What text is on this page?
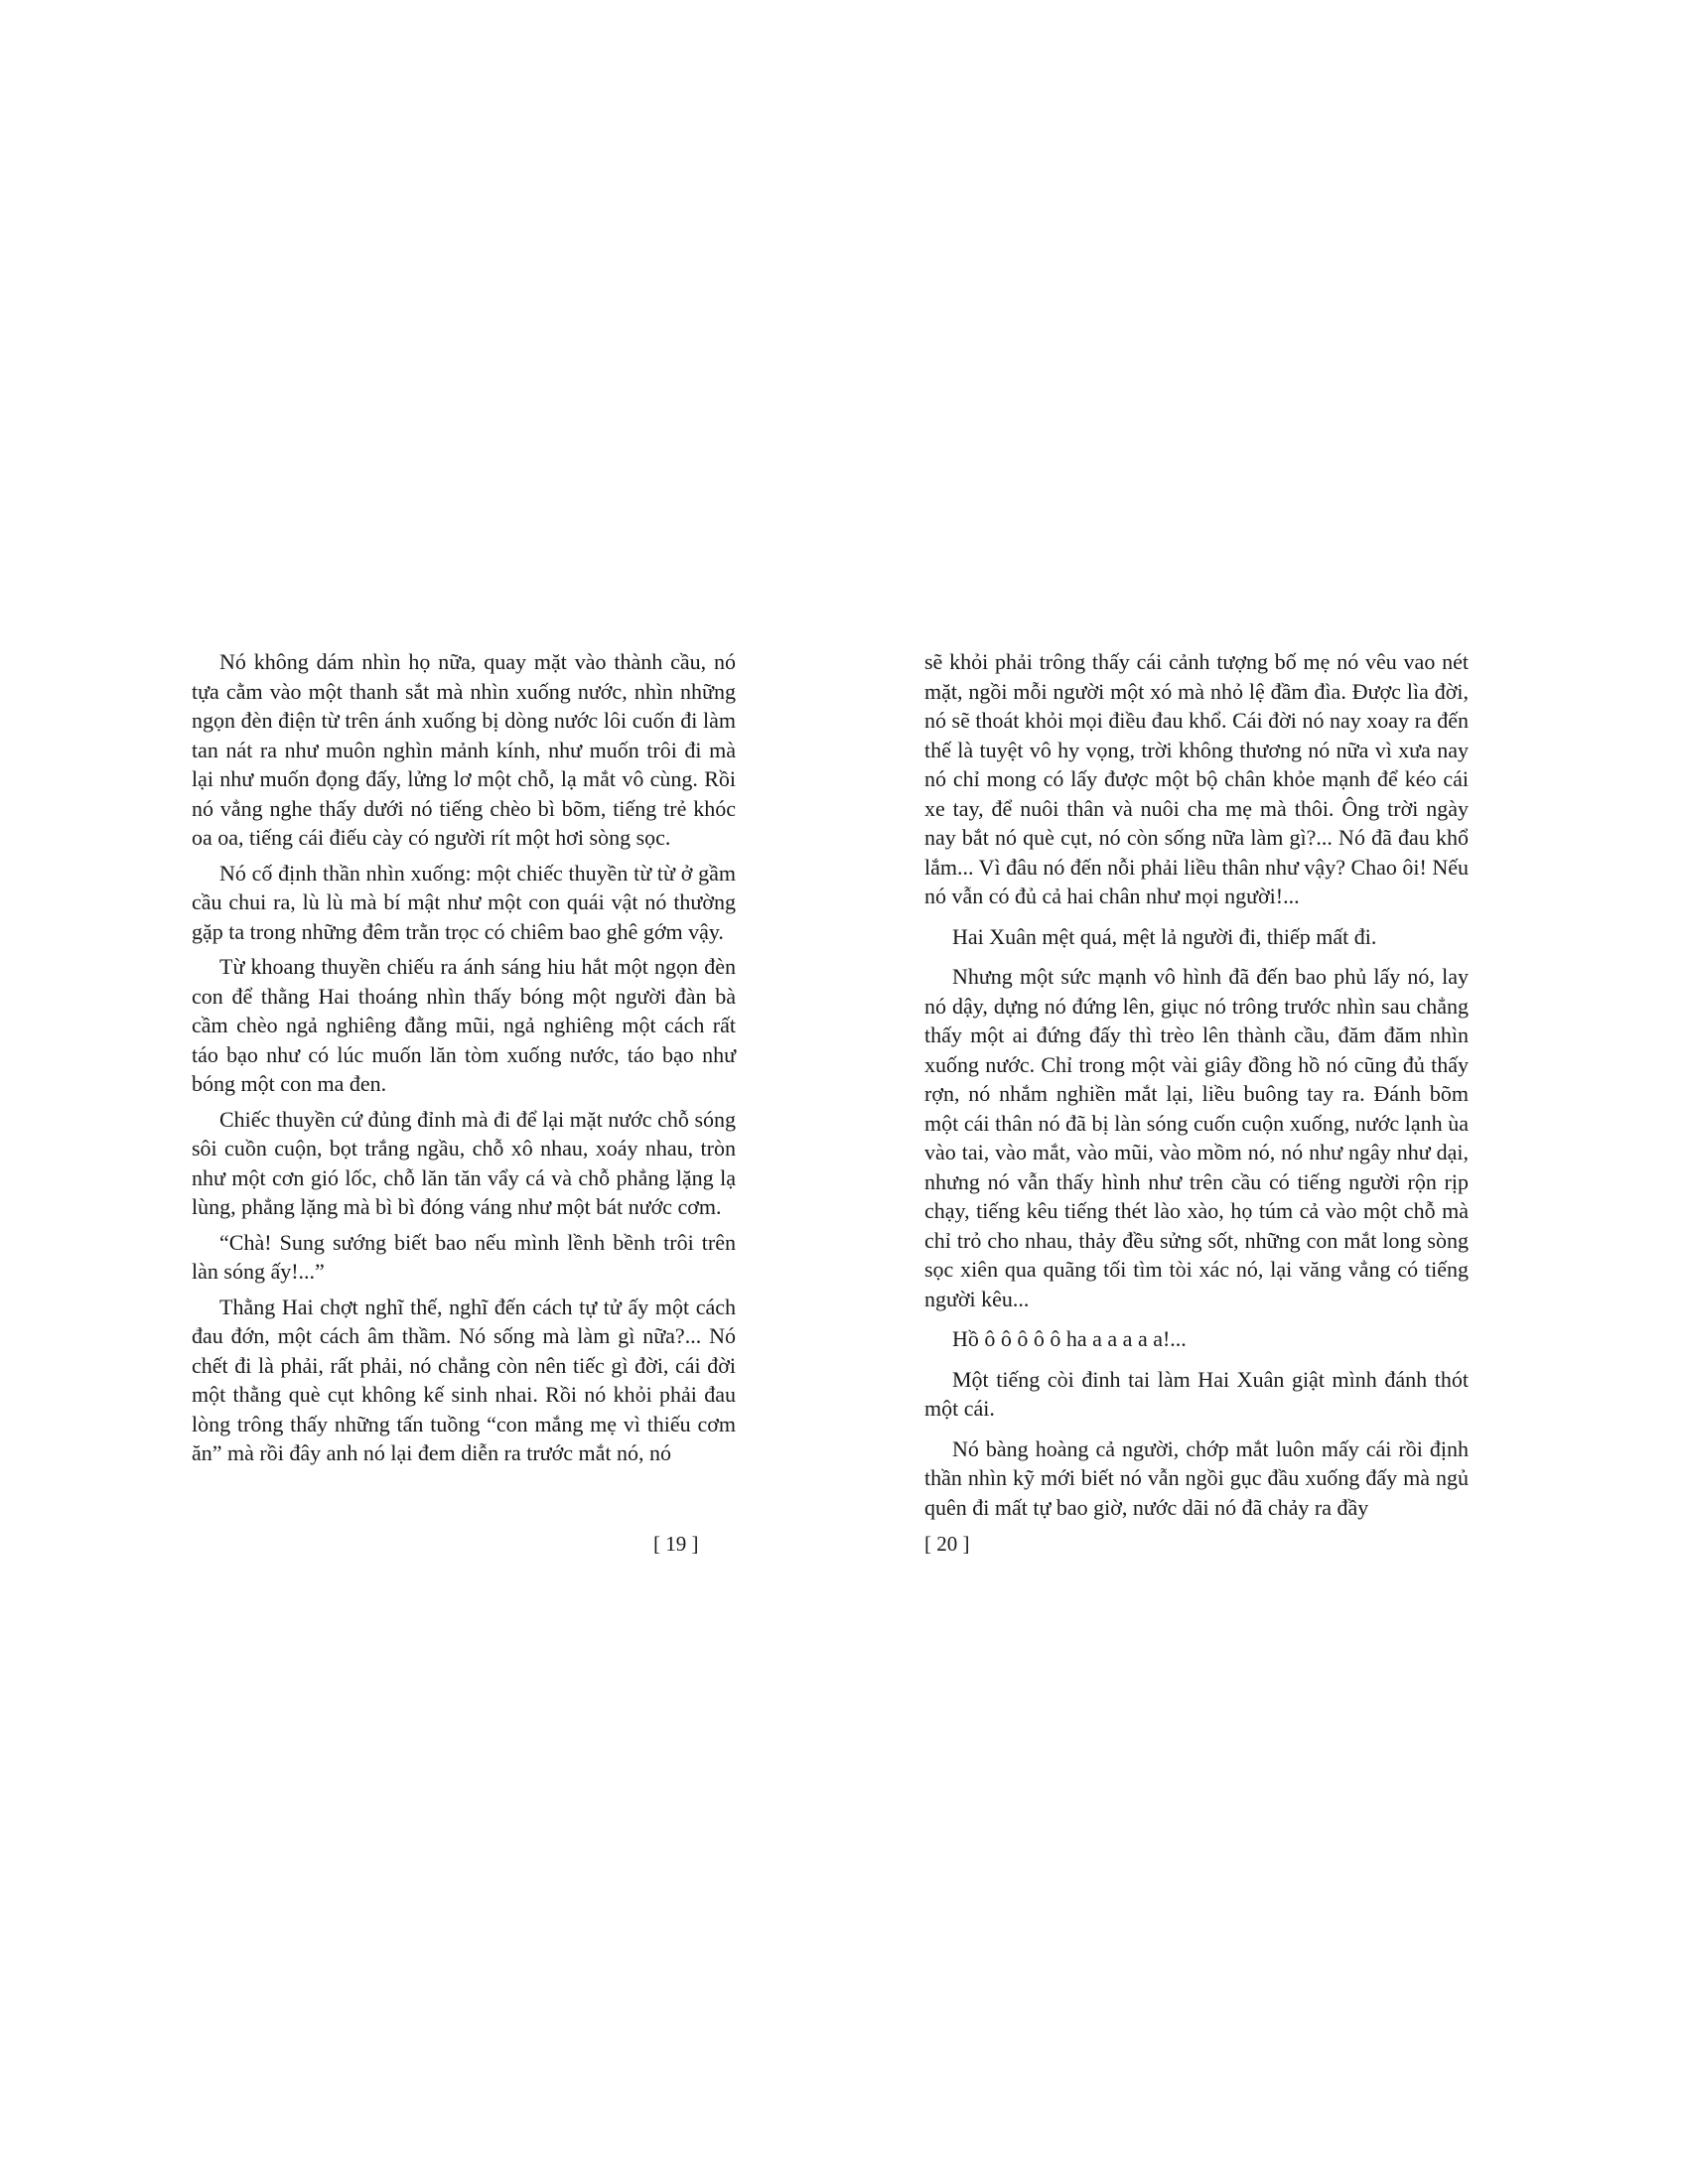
Nó không dám nhìn họ nữa, quay mặt vào thành cầu, nó tựa cằm vào một thanh sắt mà nhìn xuống nước, nhìn những ngọn đèn điện từ trên ánh xuống bị dòng nước lôi cuốn đi làm tan nát ra như muôn nghìn mảnh kính, như muốn trôi đi mà lại như muốn đọng đấy, lửng lơ một chỗ, lạ mắt vô cùng. Rồi nó vẳng nghe thấy dưới nó tiếng chèo bì bõm, tiếng trẻ khóc oa oa, tiếng cái điếu cày có người rít một hơi sòng sọc.

Nó cố định thần nhìn xuống: một chiếc thuyền từ từ ở gầm cầu chui ra, lù lù mà bí mật như một con quái vật nó thường gặp ta trong những đêm trằn trọc có chiêm bao ghê gớm vậy.

Từ khoang thuyền chiếu ra ánh sáng hiu hắt một ngọn đèn con để thằng Hai thoáng nhìn thấy bóng một người đàn bà cầm chèo ngả nghiêng đằng mũi, ngả nghiêng một cách rất táo bạo như có lúc muốn lăn tòm xuống nước, táo bạo như bóng một con ma đen.

Chiếc thuyền cứ đủng đỉnh mà đi để lại mặt nước chỗ sóng sôi cuồn cuộn, bọt trắng ngầu, chỗ xô nhau, xoáy nhau, tròn như một cơn gió lốc, chỗ lăn tăn vẩy cá và chỗ phẳng lặng lạ lùng, phẳng lặng mà bì bì đóng váng như một bát nước cơm.

“Chà! Sung sướng biết bao nếu mình lềnh bềnh trôi trên làn sóng ấy!...”

Thằng Hai chợt nghĩ thế, nghĩ đến cách tự tử ấy một cách đau đớn, một cách âm thầm. Nó sống mà làm gì nữa?... Nó chết đi là phải, rất phải, nó chẳng còn nên tiếc gì đời, cái đời một thằng què cụt không kế sinh nhai. Rồi nó khỏi phải đau lòng trông thấy những tấn tuồng “con mắng mẹ vì thiếu cơm ăn” mà rồi đây anh nó lại đem diễn ra trước mắt nó, nó

sẽ khỏi phải trông thấy cái cảnh tượng bố mẹ nó vêu vao nét mặt, ngồi mỗi người một xó mà nhỏ lệ đầm đìa. Được lìa đời, nó sẽ thoát khỏi mọi điều đau khổ. Cái đời nó nay xoay ra đến thế là tuyệt vô hy vọng, trời không thương nó nữa vì xưa nay nó chỉ mong có lấy được một bộ chân khỏe mạnh để kéo cái xe tay, để nuôi thân và nuôi cha mẹ mà thôi. Ông trời ngày nay bắt nó què cụt, nó còn sống nữa làm gì?... Nó đã đau khổ lắm... Vì đâu nó đến nỗi phải liều thân như vậy? Chao ôi! Nếu nó vẫn có đủ cả hai chân như mọi người!...

Hai Xuân mệt quá, mệt lả người đi, thiếp mất đi.

Nhưng một sức mạnh vô hình đã đến bao phủ lấy nó, lay nó dậy, dựng nó đứng lên, giục nó trông trước nhìn sau chẳng thấy một ai đứng đấy thì trèo lên thành cầu, đăm đăm nhìn xuống nước. Chỉ trong một vài giây đồng hồ nó cũng đủ thấy rợn, nó nhắm nghiền mắt lại, liều buông tay ra. Đánh bõm một cái thân nó đã bị làn sóng cuốn cuộn xuống, nước lạnh ùa vào tai, vào mắt, vào mũi, vào mồm nó, nó như ngây như dại, nhưng nó vẫn thấy hình như trên cầu có tiếng người rộn rịp chạy, tiếng kêu tiếng thét lào xào, họ túm cả vào một chỗ mà chỉ trỏ cho nhau, thảy đều sửng sốt, những con mắt long sòng sọc xiên qua quãng tối tìm tòi xác nó, lại văng vẳng có tiếng người kêu...

Hồ ô ô ô ô ô ha a a a a a!...

Một tiếng còi đinh tai làm Hai Xuân giật mình đánh thót một cái.

Nó bàng hoàng cả người, chớp mắt luôn mấy cái rồi định thần nhìn kỹ mới biết nó vẫn ngồi gục đầu xuống đấy mà ngủ quên đi mất tự bao giờ, nước dãi nó đã chảy ra đầy

[ 19 ]	[ 20 ]
